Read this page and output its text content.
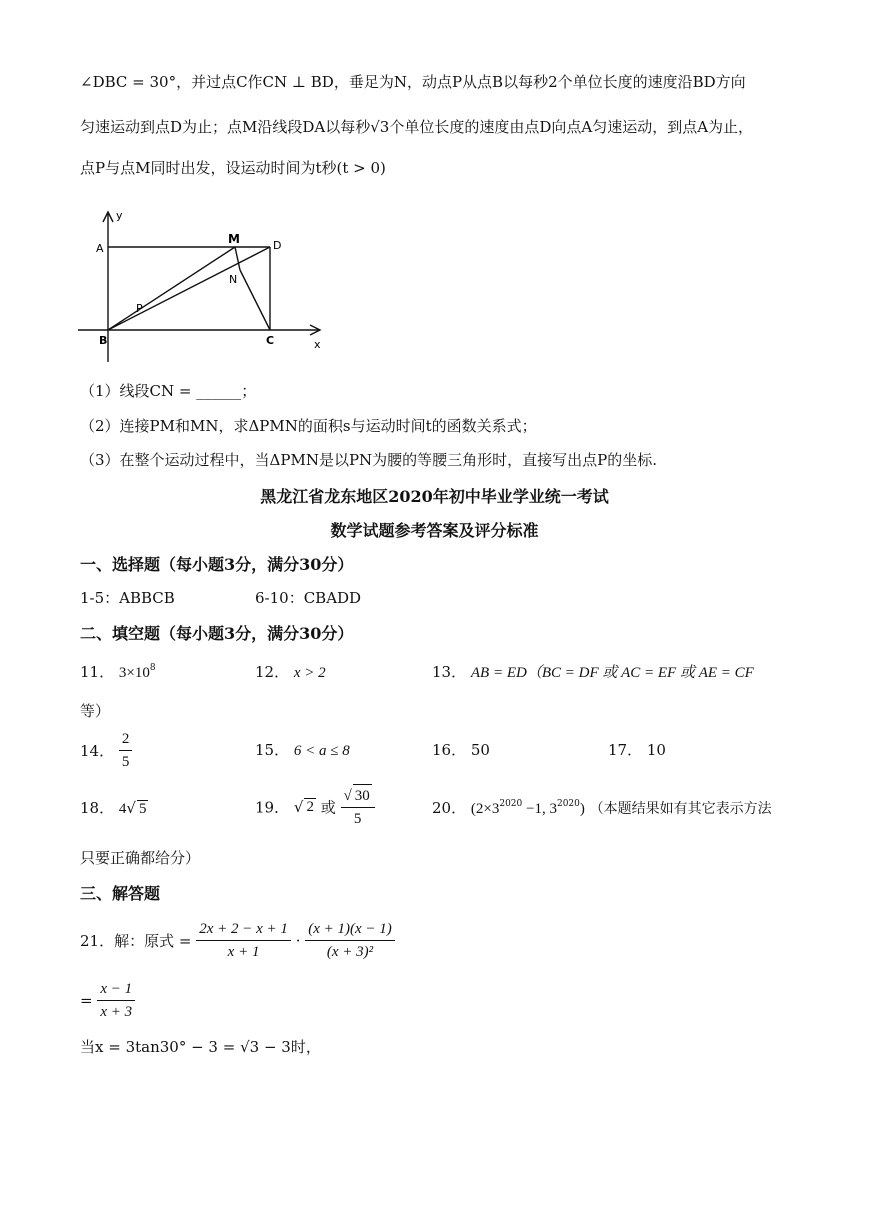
∠DBC = 30°，并过点C作CN ⊥ BD，垂足为N，动点P从点B以每秒2个单位长度的速度沿BD方向
匀速运动到点D为止；点M沿线段DA以每秒√3个单位长度的速度由点D向点A匀速运动，到点A为止，
点P与点M同时出发，设运动时间为t秒(t > 0)
y
A
M	D
N
P
B	C	x
（1）线段CN = ______；
（2）连接PM和MN，求ΔPMN的面积s与运动时间t的函数关系式；
（3）在整个运动过程中，当ΔPMN是以PN为腰的等腰三角形时，直接写出点P的坐标.
黑龙江省龙东地区2020年初中毕业学业统一考试
数学试题参考答案及评分标准
一、选择题（每小题3分，满分30分）
1-5：ABBCB	6-10：CBADD
二、填空题（每小题3分，满分30分）
11． $3\times 10^8$	12． x > 2	13． AB = ED（BC = DF 或 AC = EF 或 AE = CF
等）
14． $\frac{2}{5}$	15． 6 < a ≤ 8	16． 50	17． 10
18． 4√ 5	19． √ 2 或 $\frac{√ 30}{5}$	20． ($2\times 3^{2020} -1$, $3^{2020}$) （本题结果如有其它表示方法
只要正确都给分）
三、解答题
21．解：原式 = $\frac{2x + 2 - x + 1}{x + 1} \cdot \frac{(x + 1)(x - 1)}{\text{(x + 3)²}}$
= $\frac{x - 1}{x + 3}$
当x = 3tan30° − 3 = √3 − 3时，
